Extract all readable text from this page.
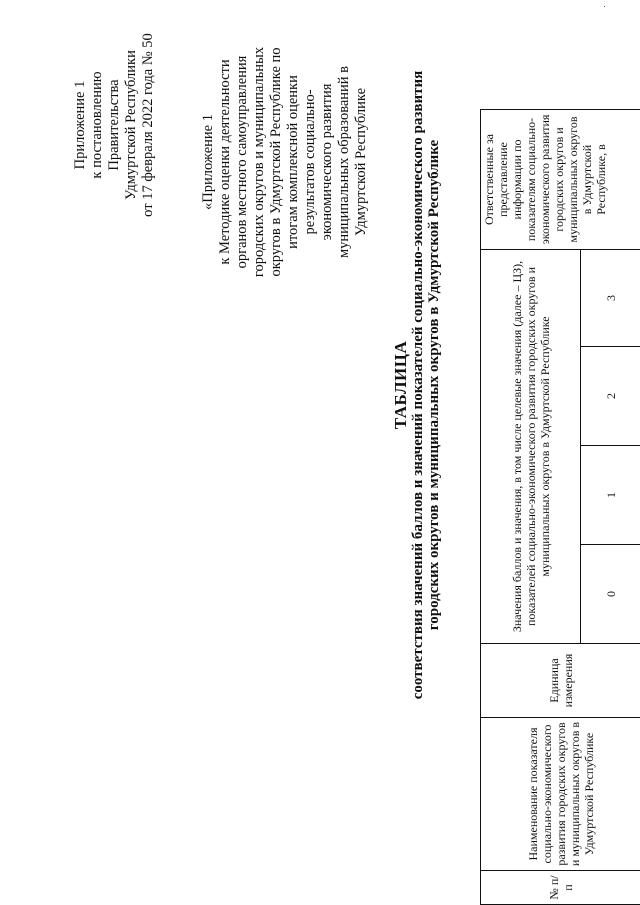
Приложение 1 к постановлению Правительства Удмуртской Республики от 17 февраля 2022 года № 50	«Приложение 1 к Методике оценки деятельности органов местного самоуправления городских округов и муниципальных округов в Удмуртской Республике по итогам комплексной оценки результатов социально- экономического развития муниципальных образований в Удмуртской Республике
ТАБЛИЦА соответствия значений баллов и значений показателей социально-экономического развития городских округов и муниципальных округов в Удмуртской Республике
№ п/п	Наименование показателя социально-экономического развития городских округов и муниципальных округов в Удмуртской Республике	Единица измерения	Значения баллов и значения, в том числе целевые значения (далее – ЦЗ), показателей социально-экономического развития городских округов и муниципальных округов в Удмуртской Республике				Ответственные за представление информации по показателям социально-экономического развития городских округов и муниципальных округов в Удмуртской Республике, в	
			0	1	2	3		
